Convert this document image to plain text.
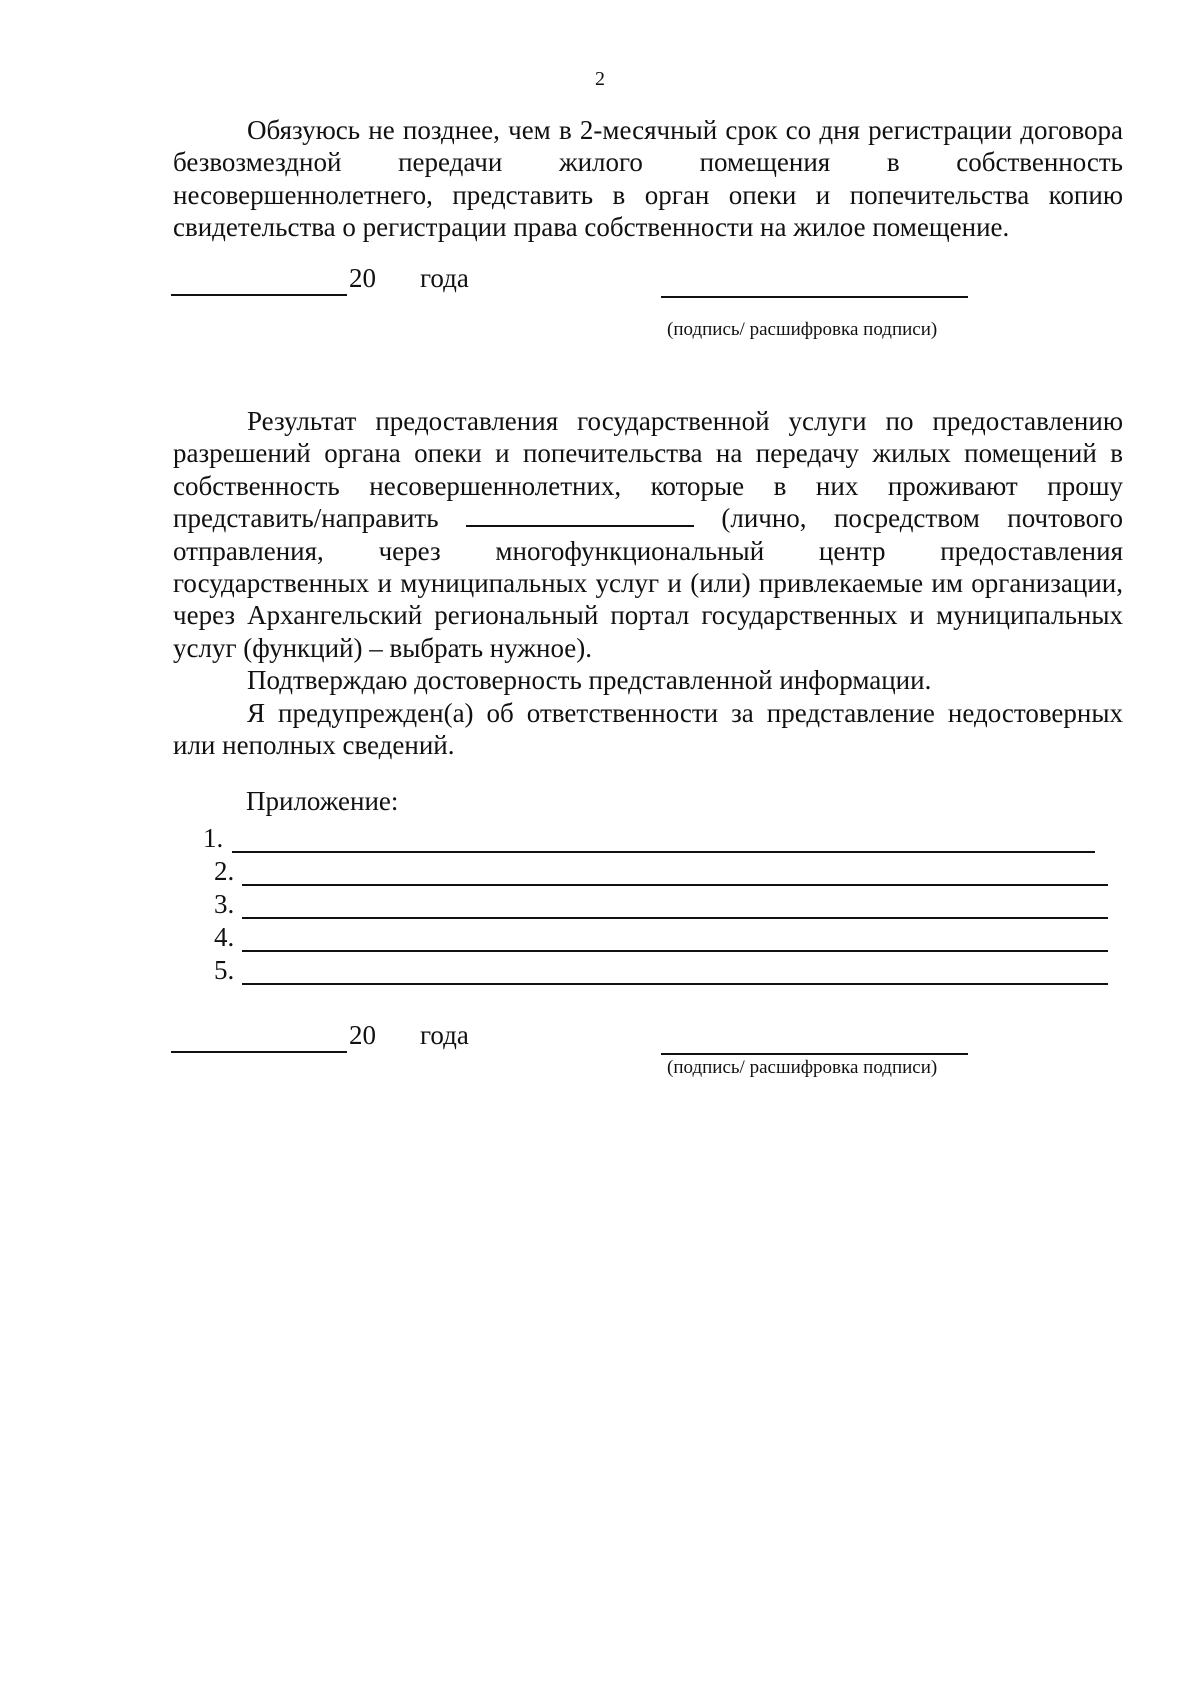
2

Обязуюсь не позднее, чем в 2-месячный срок со дня регистрации договора безвозмездной передачи жилого помещения в собственность несовершеннолетнего, представить в орган опеки и попечительства копию свидетельства о регистрации права собственности на жилое помещение.

20 года
(подпись/ расшифровка подписи)

Результат предоставления государственной услуги по предоставлению разрешений органа опеки и попечительства на передачу жилых помещений в собственность несовершеннолетних, которые в них проживают прошу представить/направить	(лично, посредством почтового отправления, через многофункциональный центр предоставления государственных и муниципальных услуг и (или) привлекаемые им организации, через Архангельский региональный портал государственных и муниципальных услуг (функций) – выбрать нужное).

Подтверждаю достоверность представленной информации.

Я предупрежден(а) об ответственности за представление недостоверных или неполных сведений.

Приложение:
1.
2.
3.
4.
5.
20 года
(подпись/ расшифровка подписи)
